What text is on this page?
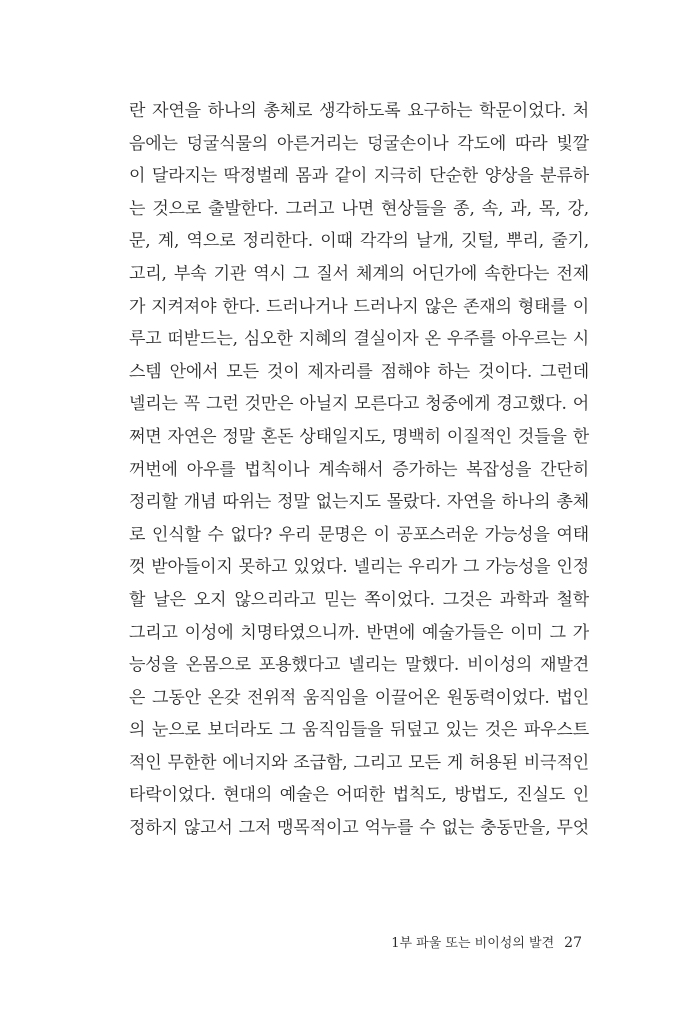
란 자연을 하나의 총체로 생각하도록 요구하는 학문이었다. 처
음에는 덩굴식물의 아른거리는 덩굴손이나 각도에 따라 빛깔
이 달라지는 딱정벌레 몸과 같이 지극히 단순한 양상을 분류하
는 것으로 출발한다. 그러고 나면 현상들을 종, 속, 과, 목, 강,
문, 계, 역으로 정리한다. 이때 각각의 날개, 깃털, 뿌리, 줄기,
고리, 부속 기관 역시 그 질서 체계의 어딘가에 속한다는 전제
가 지켜져야 한다. 드러나거나 드러나지 않은 존재의 형태를 이
루고 떠받드는, 심오한 지혜의 결실이자 온 우주를 아우르는 시
스템 안에서 모든 것이 제자리를 점해야 하는 것이다. 그런데
넬리는 꼭 그런 것만은 아닐지 모른다고 청중에게 경고했다. 어
쩌면 자연은 정말 혼돈 상태일지도, 명백히 이질적인 것들을 한
꺼번에 아우를 법칙이나 계속해서 증가하는 복잡성을 간단히
정리할 개념 따위는 정말 없는지도 몰랐다. 자연을 하나의 총체
로 인식할 수 없다? 우리 문명은 이 공포스러운 가능성을 여태
껏 받아들이지 못하고 있었다. 넬리는 우리가 그 가능성을 인정
할 날은 오지 않으리라고 믿는 쪽이었다. 그것은 과학과 철학
그리고 이성에 치명타였으니까. 반면에 예술가들은 이미 그 가
능성을 온몸으로 포용했다고 넬리는 말했다. 비이성의 재발견
은 그동안 온갖 전위적 움직임을 이끌어온 원동력이었다. 법인
의 눈으로 보더라도 그 움직임들을 뒤덮고 있는 것은 파우스트
적인 무한한 에너지와 조급함, 그리고 모든 게 허용된 비극적인
타락이었다. 현대의 예술은 어떠한 법칙도, 방법도, 진실도 인
정하지 않고서 그저 맹목적이고 억누를 수 없는 충동만을, 무엇
1부 파울 또는 비이성의 발견 27
